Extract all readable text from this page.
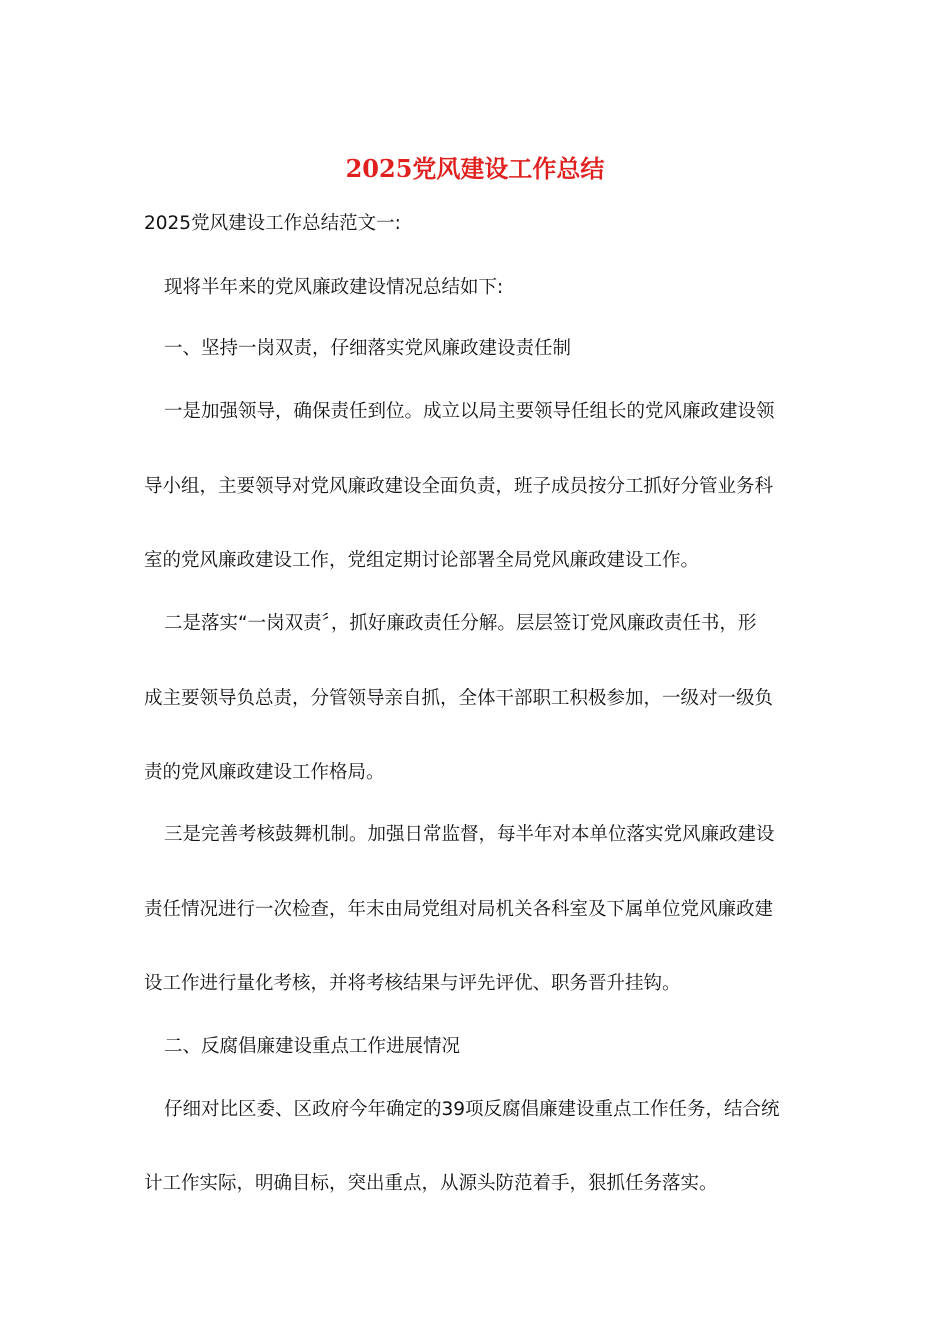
2025党风建设工作总结

2025党风建设工作总结范文一:

现将半年来的党风廉政建设情况总结如下:

一、坚持一岗双责，仔细落实党风廉政建设责任制

一是加强领导，确保责任到位。成立以局主要领导任组长的党风廉政建设领

导小组，主要领导对党风廉政建设全面负责，班子成员按分工抓好分管业务科

室的党风廉政建设工作，党组定期讨论部署全局党风廉政建设工作。

二是落实“一岗双责〞，抓好廉政责任分解。层层签订党风廉政责任书，形

成主要领导负总责，分管领导亲自抓，全体干部职工积极参加，一级对一级负

责的党风廉政建设工作格局。

三是完善考核鼓舞机制。加强日常监督，每半年对本单位落实党风廉政建设

责任情况进行一次检查，年末由局党组对局机关各科室及下属单位党风廉政建

设工作进行量化考核，并将考核结果与评先评优、职务晋升挂钩。

二、反腐倡廉建设重点工作进展情况

仔细对比区委、区政府今年确定的39项反腐倡廉建设重点工作任务，结合统

计工作实际，明确目标，突出重点，从源头防范着手，狠抓任务落实。
